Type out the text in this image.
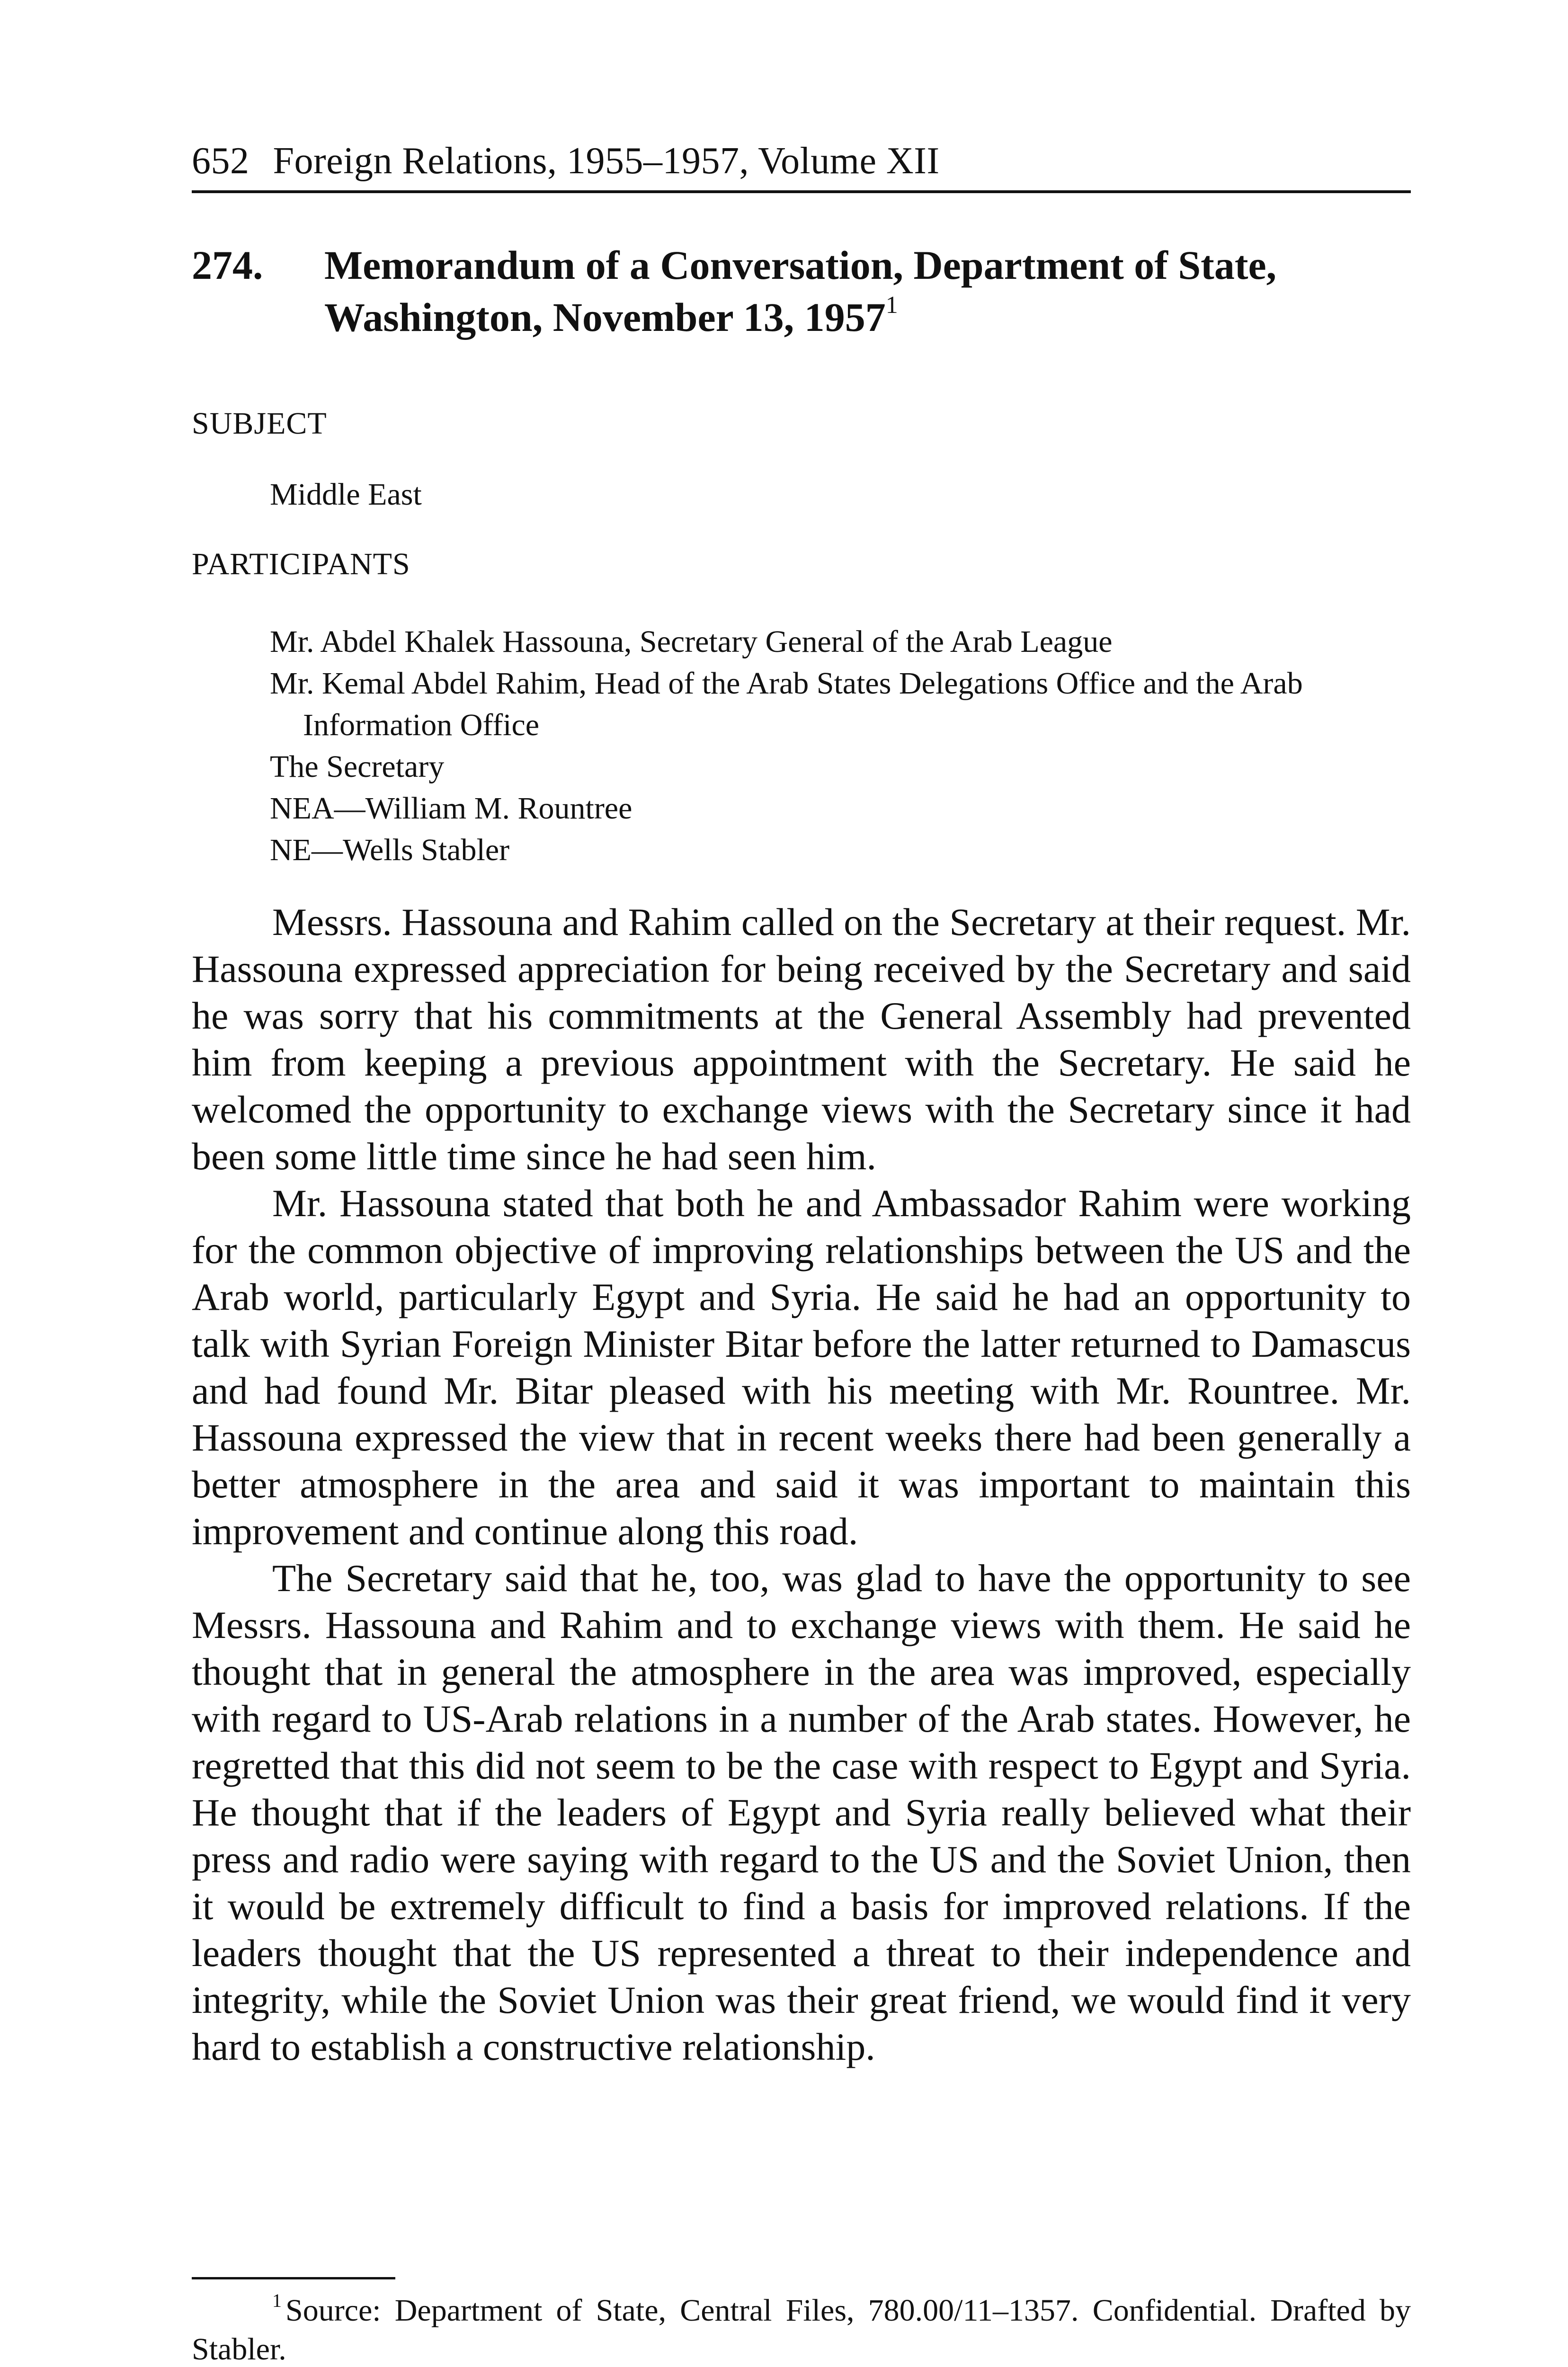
652 Foreign Relations, 1955–1957, Volume XII
274. Memorandum of a Conversation, Department of State,
Washington, November 13, 1957$^1$
SUBJECT
Middle East
PARTICIPANTS
Mr. Abdel Khalek Hassouna, Secretary General of the Arab League
Mr. Kemal Abdel Rahim, Head of the Arab States Delegations Office and the Arab Information Office
The Secretary
NEA—William M. Rountree
NE—Wells Stabler

Messrs. Hassouna and Rahim called on the Secretary at their request. Mr. Hassouna expressed appreciation for being received by the Secretary and said he was sorry that his commitments at the General Assembly had prevented him from keeping a previous appointment with the Secretary. He said he welcomed the opportunity to exchange views with the Secretary since it had been some little time since he had seen him.

Mr. Hassouna stated that both he and Ambassador Rahim were working for the common objective of improving relationships between the US and the Arab world, particularly Egypt and Syria. He said he had an opportunity to talk with Syrian Foreign Minister Bitar before the latter returned to Damascus and had found Mr. Bitar pleased with his meeting with Mr. Rountree. Mr. Hassouna expressed the view that in recent weeks there had been generally a better atmosphere in the area and said it was important to maintain this improvement and continue along this road.

The Secretary said that he, too, was glad to have the opportunity to see Messrs. Hassouna and Rahim and to exchange views with them. He said he thought that in general the atmosphere in the area was improved, especially with regard to US-Arab relations in a number of the Arab states. However, he regretted that this did not seem to be the case with respect to Egypt and Syria. He thought that if the leaders of Egypt and Syria really believed what their press and radio were saying with regard to the US and the Soviet Union, then it would be extremely difficult to find a basis for improved relations. If the leaders thought that the US represented a threat to their independence and integrity, while the Soviet Union was their great friend, we would find it very hard to establish a constructive relationship.

$^1$ Source: Department of State, Central Files, 780.00/11–1357. Confidential. Drafted by Stabler.
